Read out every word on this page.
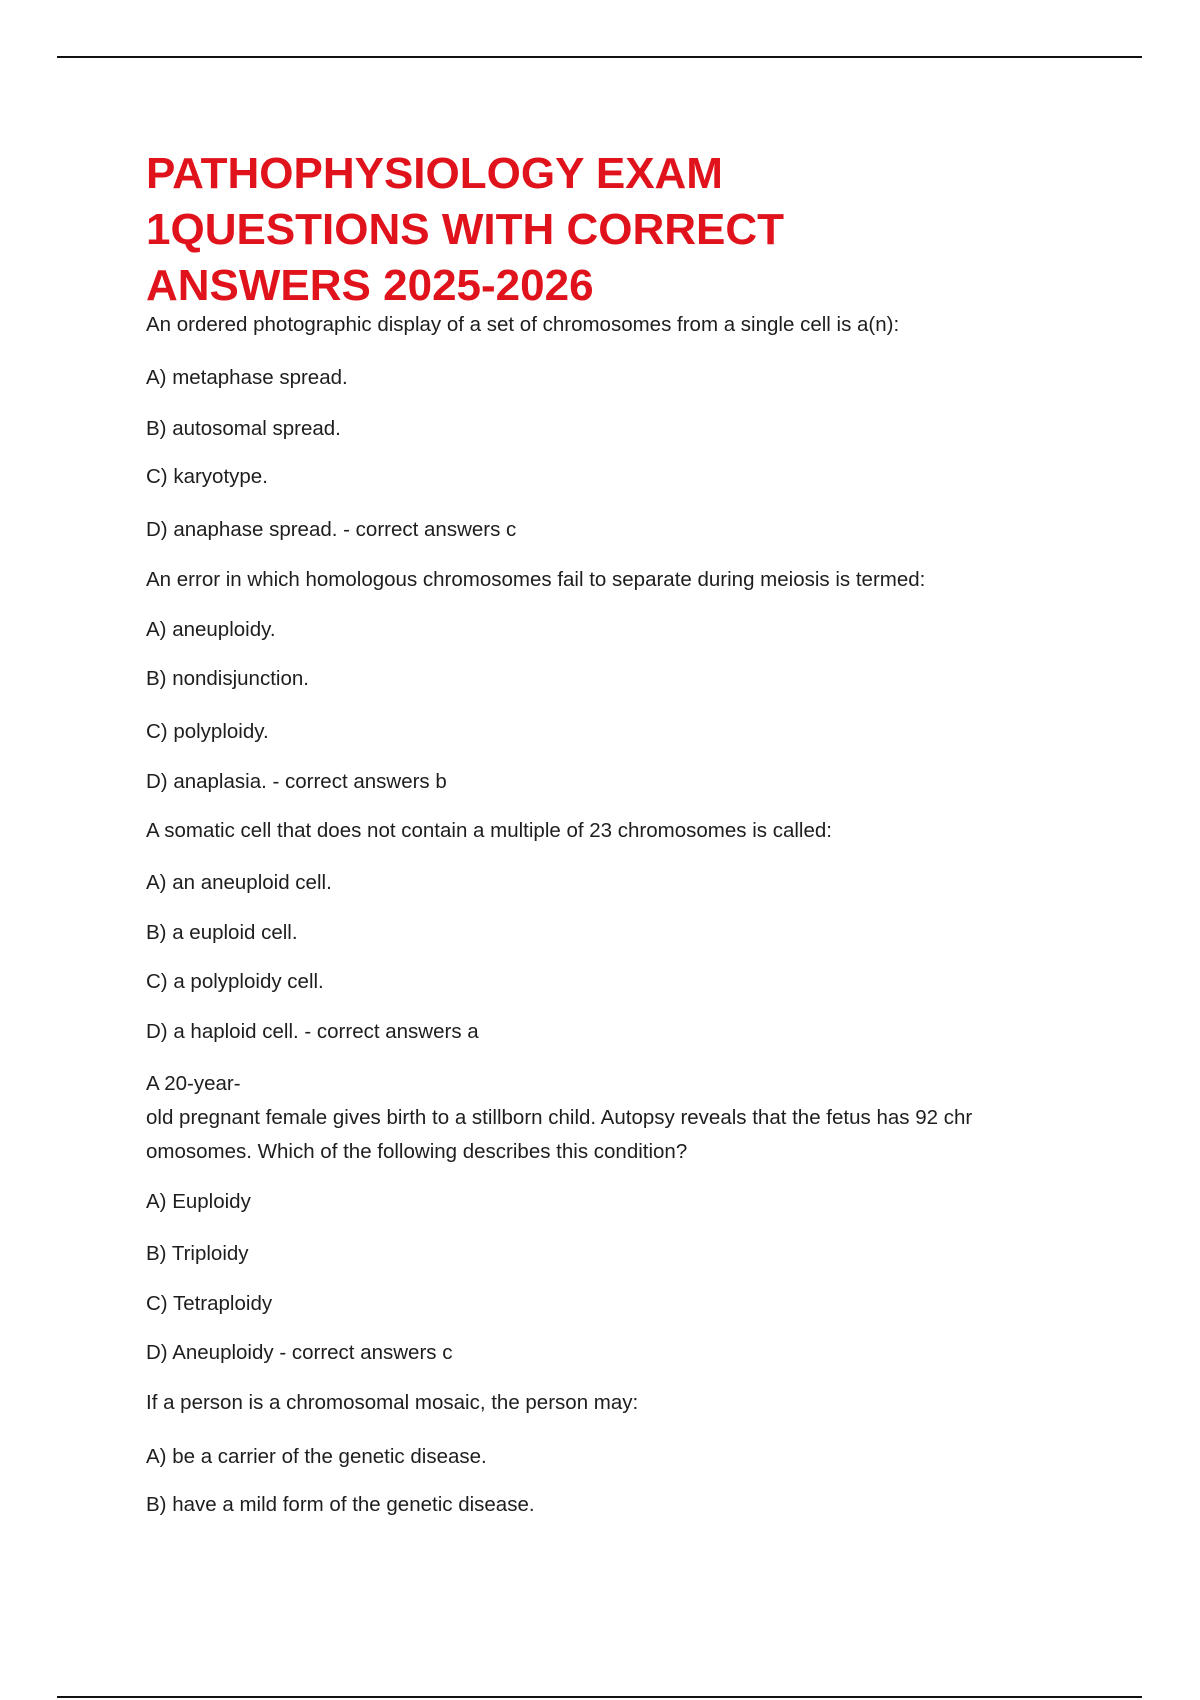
PATHOPHYSIOLOGY EXAM
1QUESTIONS WITH CORRECT
ANSWERS 2025-2026

An ordered photographic display of a set of chromosomes from a single cell is a(n):

A) metaphase spread.

B) autosomal spread.

C) karyotype.

D) anaphase spread. - correct answers c

An error in which homologous chromosomes fail to separate during meiosis is termed:

A) aneuploidy.

B) nondisjunction.

C) polyploidy.

D) anaplasia. - correct answers b

A somatic cell that does not contain a multiple of 23 chromosomes is called:

A) an aneuploid cell.

B) a euploid cell.

C) a polyploidy cell.

D) a haploid cell. - correct answers a

A 20-year-

old pregnant female gives birth to a stillborn child. Autopsy reveals that the fetus has 92 chr

omosomes. Which of the following describes this condition?

A) Euploidy

B) Triploidy

C) Tetraploidy

D) Aneuploidy - correct answers c

If a person is a chromosomal mosaic, the person may:

A) be a carrier of the genetic disease.

B) have a mild form of the genetic disease.
